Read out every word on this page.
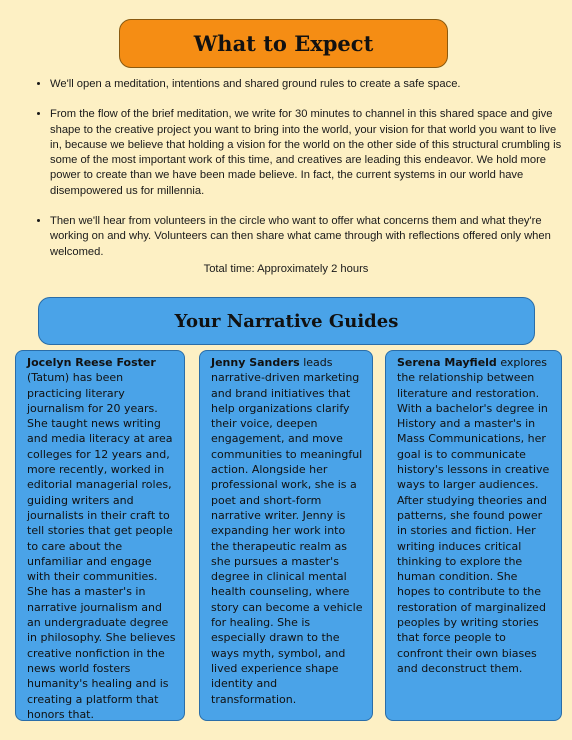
What to Expect
• We'll open a meditation, intentions and shared ground rules to create a safe space.
• From the flow of the brief meditation, we write for 30 minutes to channel in this shared space and give shape to the creative project you want to bring into the world, your vision for that world you want to live in, because we believe that holding a vision for the world on the other side of this structural crumbling is some of the most important work of this time, and creatives are leading this endeavor. We hold more power to create than we have been made believe. In fact, the current systems in our world have disempowered us for millennia.
• Then we'll hear from volunteers in the circle who want to offer what concerns them and what they're working on and why. Volunteers can then share what came through with reflections offered only when welcomed.
Total time: Approximately 2 hours
Your Narrative Guides
Jocelyn Reese Foster
(Tatum) has been practicing literary journalism for 20 years. She taught news writing and media literacy at area colleges for 12 years and, more recently, worked in editorial managerial roles, guiding writers and journalists in their craft to tell stories that get people to care about the unfamiliar and engage with their communities. She has a master's in narrative journalism and an undergraduate degree in philosophy. She believes creative nonfiction in the news world fosters humanity's healing and is creating a platform that honors that.
Jenny Sanders leads narrative-driven marketing and brand initiatives that help organizations clarify their voice, deepen engagement, and move communities to meaningful action. Alongside her professional work, she is a poet and short-form narrative writer. Jenny is expanding her work into the therapeutic realm as she pursues a master's degree in clinical mental health counseling, where story can become a vehicle for healing. She is especially drawn to the ways myth, symbol, and lived experience shape identity and transformation.
Serena Mayfield explores the relationship between literature and restoration. With a bachelor's degree in History and a master's in Mass Communications, her goal is to communicate history's lessons in creative ways to larger audiences. After studying theories and patterns, she found power in stories and fiction. Her writing induces critical thinking to explore the human condition. She hopes to contribute to the restoration of marginalized peoples by writing stories that force people to confront their own biases and deconstruct them.
